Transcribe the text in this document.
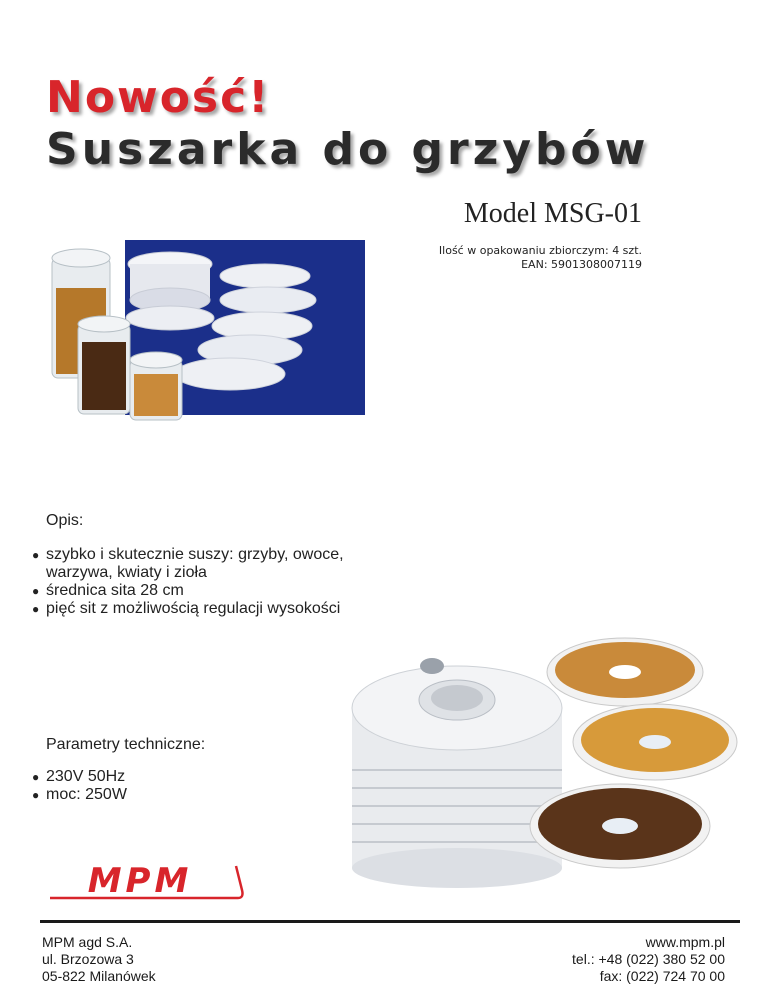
Nowość!
Suszarka do grzybów
Model MSG-01
Ilość w opakowaniu zbiorczym: 4 szt.
EAN: 5901308007119
Opis:
● szybko i skutecznie suszy: grzyby, owoce,
warzywa, kwiaty i zioła
● średnica sita 28 cm
● pięć sit z możliwością regulacji wysokości
Parametry techniczne:
● 230V 50Hz
● moc: 250W
MPM
MPM agd S.A.
ul. Brzozowa 3
05-822 Milanówek
www.mpm.pl
tel.: +48 (022) 380 52 00
fax: (022) 724 70 00
